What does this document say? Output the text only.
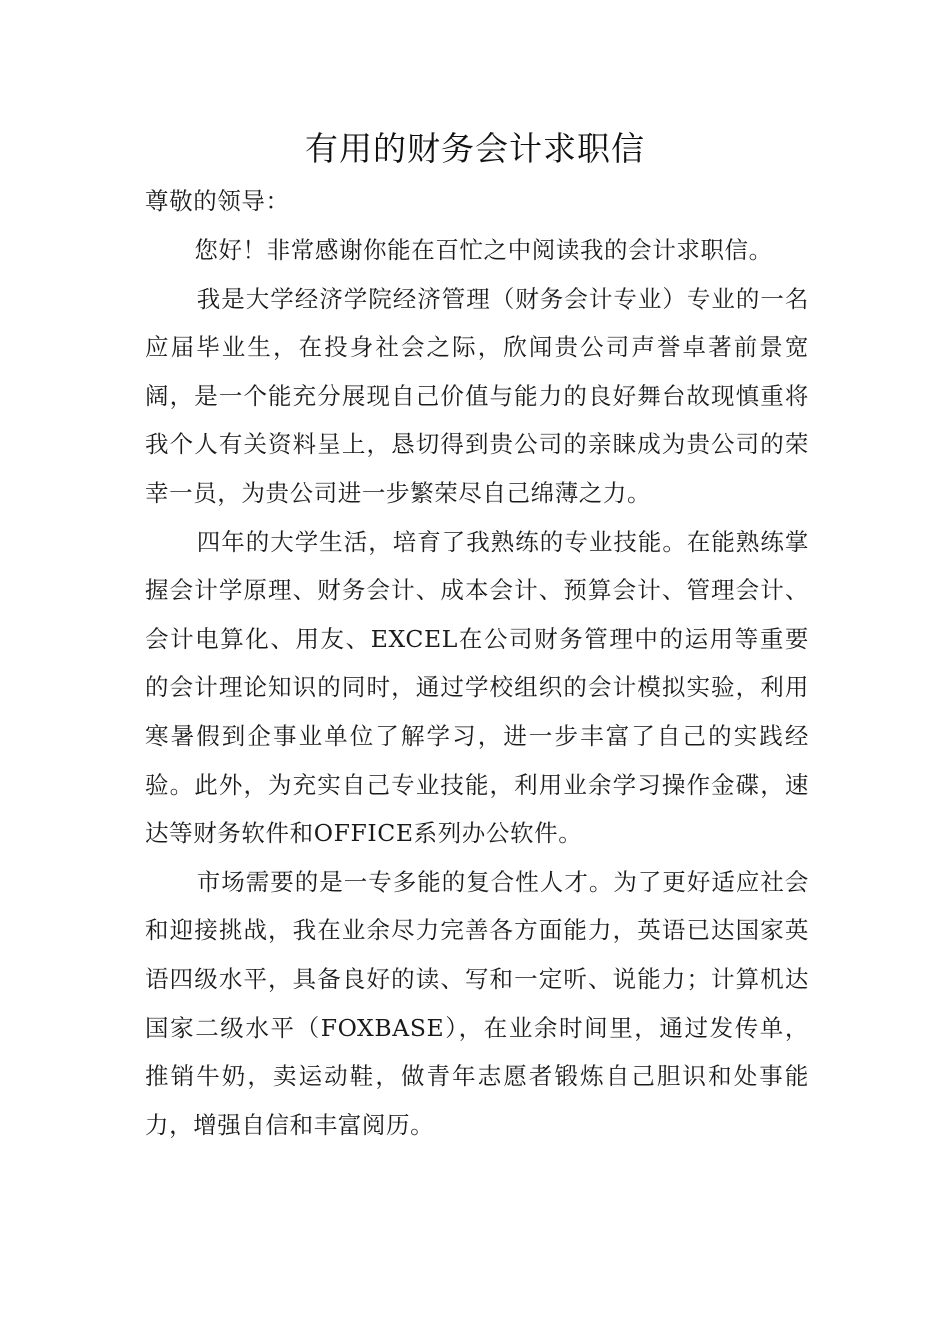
有用的财务会计求职信

尊敬的领导：

您好！非常感谢你能在百忙之中阅读我的会计求职信。

我是大学经济学院经济管理（财务会计专业）专业的一名应届毕业生，在投身社会之际，欣闻贵公司声誉卓著前景宽阔，是一个能充分展现自己价值与能力的良好舞台故现慎重将我个人有关资料呈上，恳切得到贵公司的亲睐成为贵公司的荣幸一员，为贵公司进一步繁荣尽自己绵薄之力。

四年的大学生活，培育了我熟练的专业技能。在能熟练掌握会计学原理、财务会计、成本会计、预算会计、管理会计、会计电算化、用友、EXCEL在公司财务管理中的运用等重要的会计理论知识的同时，通过学校组织的会计模拟实验，利用寒暑假到企事业单位了解学习，进一步丰富了自己的实践经验。此外，为充实自己专业技能，利用业余学习操作金碟，速达等财务软件和OFFICE系列办公软件。

市场需要的是一专多能的复合性人才。为了更好适应社会和迎接挑战，我在业余尽力完善各方面能力，英语已达国家英语四级水平，具备良好的读、写和一定听、说能力；计算机达国家二级水平（FOXBASE），在业余时间里，通过发传单，推销牛奶，卖运动鞋，做青年志愿者锻炼自己胆识和处事能力，增强自信和丰富阅历。
